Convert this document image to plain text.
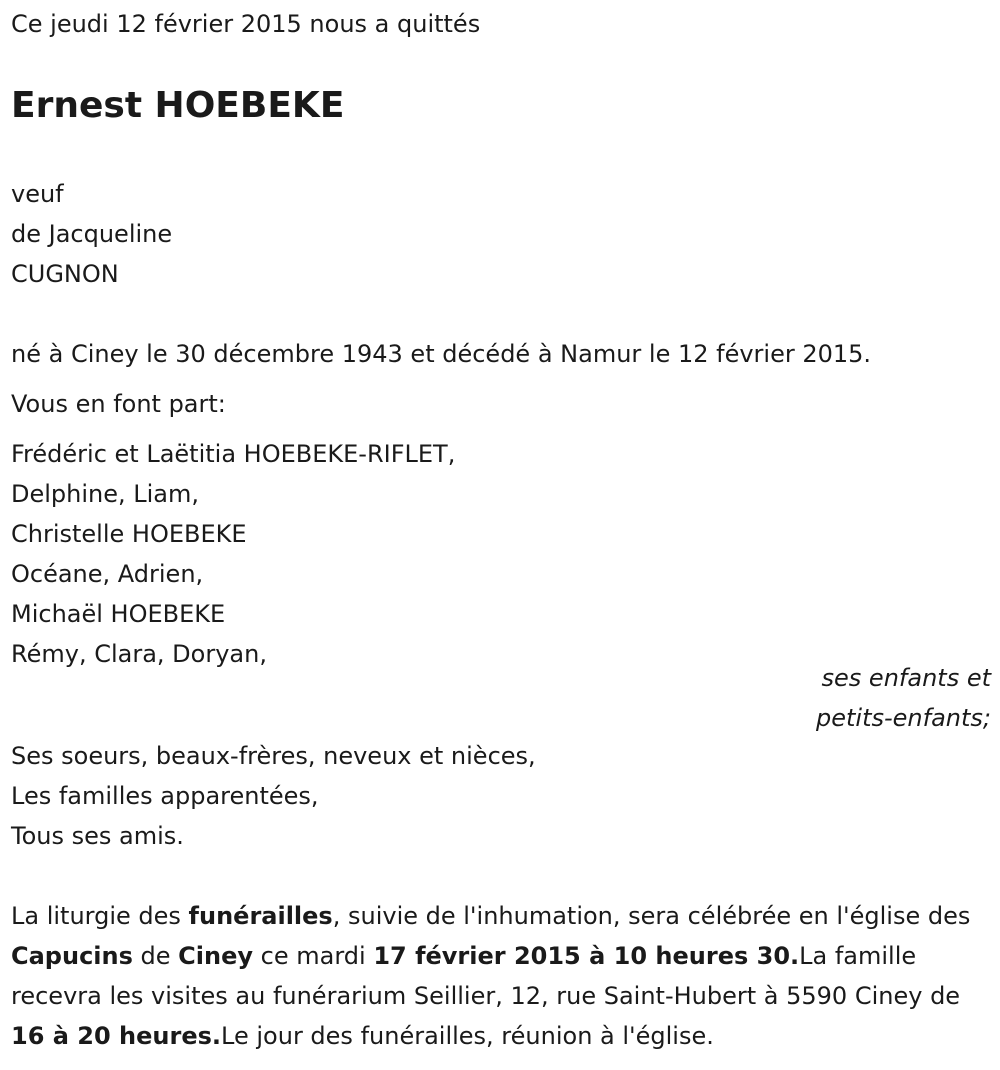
Ce jeudi 12 février 2015 nous a quittés
Ernest HOEBEKE
veuf
de Jacqueline
CUGNON
né à Ciney le 30 décembre 1943 et décédé à Namur le 12 février 2015.
Vous en font part:
Frédéric et Laëtitia HOEBEKE-RIFLET,
Delphine, Liam,
Christelle HOEBEKE
Océane, Adrien,
Michaël HOEBEKE
Rémy, Clara, Doryan,
ses enfants et
petits-enfants;
Ses soeurs, beaux-frères, neveux et nièces,
Les familles apparentées,
Tous ses amis.
La liturgie des funérailles, suivie de l'inhumation, sera célébrée en l'église des Capucins de Ciney ce mardi 17 février 2015 à 10 heures 30.La famille recevra les visites au funérarium Seillier, 12, rue Saint-Hubert à 5590 Ciney de 16 à 20 heures.Le jour des funérailles, réunion à l'église.
